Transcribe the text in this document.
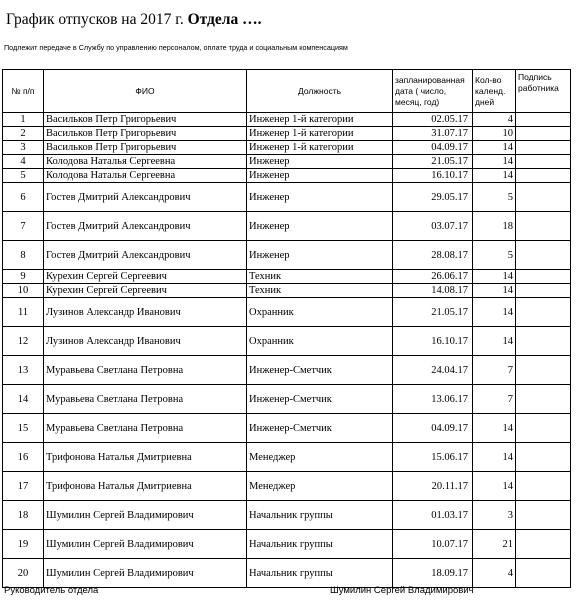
График отпусков на 2017 г. Отдела ….
Подлежит передаче в Службу по управлению персоналом, оплате труда и социальным компенсациям
№ п/п	ФИО	Должность	запланированная дата ( число, месяц, год)	Кол-во календ. дней	Подпись работника
1	Васильков Петр Григорьевич	Инженер 1-й категории	02.05.17	4	
2	Васильков Петр Григорьевич	Инженер 1-й категории	31.07.17	10	
3	Васильков Петр Григорьевич	Инженер 1-й категории	04.09.17	14	
4	Колодова Наталья Сергеевна	Инженер	21.05.17	14	
5	Колодова Наталья Сергеевна	Инженер	16.10.17	14	
6	Гостев Дмитрий Александрович	Инженер	29.05.17	5	
7	Гостев Дмитрий Александрович	Инженер	03.07.17	18	
8	Гостев Дмитрий Александрович	Инженер	28.08.17	5	
9	Курехин Сергей Сергеевич	Техник	26.06.17	14	
10	Курехин Сергей Сергеевич	Техник	14.08.17	14	
11	Лузинов Александр Иванович	Охранник	21.05.17	14	
12	Лузинов Александр Иванович	Охранник	16.10.17	14	
13	Муравьева Светлана Петровна	Инженер-Сметчик	24.04.17	7	
14	Муравьева Светлана Петровна	Инженер-Сметчик	13.06.17	7	
15	Муравьева Светлана Петровна	Инженер-Сметчик	04.09.17	14	
16	Трифонова Наталья Дмитриевна	Менеджер	15.06.17	14	
17	Трифонова Наталья Дмитриевна	Менеджер	20.11.17	14	
18	Шумилин Сергей Владимирович	Начальник группы	01.03.17	3	
19	Шумилин Сергей Владимирович	Начальник группы	10.07.17	21	
20	Шумилин Сергей Владимирович	Начальник группы	18.09.17	4	
Руководитель отдела	Шумилин Сергей Владимирович
